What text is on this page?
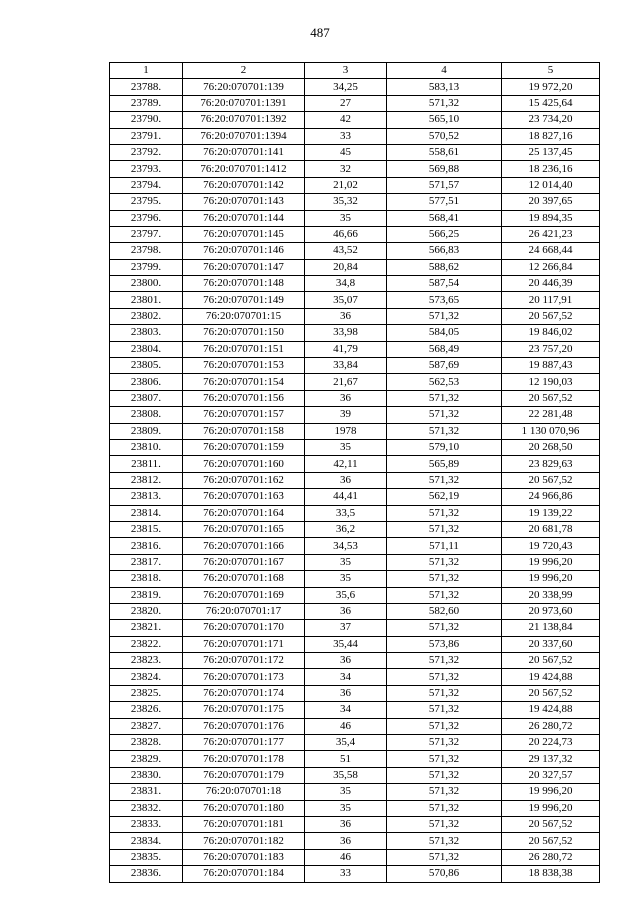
487
1	2	3	4	5
23788.	76:20:070701:139	34,25	583,13	19 972,20
23789.	76:20:070701:1391	27	571,32	15 425,64
23790.	76:20:070701:1392	42	565,10	23 734,20
23791.	76:20:070701:1394	33	570,52	18 827,16
23792.	76:20:070701:141	45	558,61	25 137,45
23793.	76:20:070701:1412	32	569,88	18 236,16
23794.	76:20:070701:142	21,02	571,57	12 014,40
23795.	76:20:070701:143	35,32	577,51	20 397,65
23796.	76:20:070701:144	35	568,41	19 894,35
23797.	76:20:070701:145	46,66	566,25	26 421,23
23798.	76:20:070701:146	43,52	566,83	24 668,44
23799.	76:20:070701:147	20,84	588,62	12 266,84
23800.	76:20:070701:148	34,8	587,54	20 446,39
23801.	76:20:070701:149	35,07	573,65	20 117,91
23802.	76:20:070701:15	36	571,32	20 567,52
23803.	76:20:070701:150	33,98	584,05	19 846,02
23804.	76:20:070701:151	41,79	568,49	23 757,20
23805.	76:20:070701:153	33,84	587,69	19 887,43
23806.	76:20:070701:154	21,67	562,53	12 190,03
23807.	76:20:070701:156	36	571,32	20 567,52
23808.	76:20:070701:157	39	571,32	22 281,48
23809.	76:20:070701:158	1978	571,32	1 130 070,96
23810.	76:20:070701:159	35	579,10	20 268,50
23811.	76:20:070701:160	42,11	565,89	23 829,63
23812.	76:20:070701:162	36	571,32	20 567,52
23813.	76:20:070701:163	44,41	562,19	24 966,86
23814.	76:20:070701:164	33,5	571,32	19 139,22
23815.	76:20:070701:165	36,2	571,32	20 681,78
23816.	76:20:070701:166	34,53	571,11	19 720,43
23817.	76:20:070701:167	35	571,32	19 996,20
23818.	76:20:070701:168	35	571,32	19 996,20
23819.	76:20:070701:169	35,6	571,32	20 338,99
23820.	76:20:070701:17	36	582,60	20 973,60
23821.	76:20:070701:170	37	571,32	21 138,84
23822.	76:20:070701:171	35,44	573,86	20 337,60
23823.	76:20:070701:172	36	571,32	20 567,52
23824.	76:20:070701:173	34	571,32	19 424,88
23825.	76:20:070701:174	36	571,32	20 567,52
23826.	76:20:070701:175	34	571,32	19 424,88
23827.	76:20:070701:176	46	571,32	26 280,72
23828.	76:20:070701:177	35,4	571,32	20 224,73
23829.	76:20:070701:178	51	571,32	29 137,32
23830.	76:20:070701:179	35,58	571,32	20 327,57
23831.	76:20:070701:18	35	571,32	19 996,20
23832.	76:20:070701:180	35	571,32	19 996,20
23833.	76:20:070701:181	36	571,32	20 567,52
23834.	76:20:070701:182	36	571,32	20 567,52
23835.	76:20:070701:183	46	571,32	26 280,72
23836.	76:20:070701:184	33	570,86	18 838,38
